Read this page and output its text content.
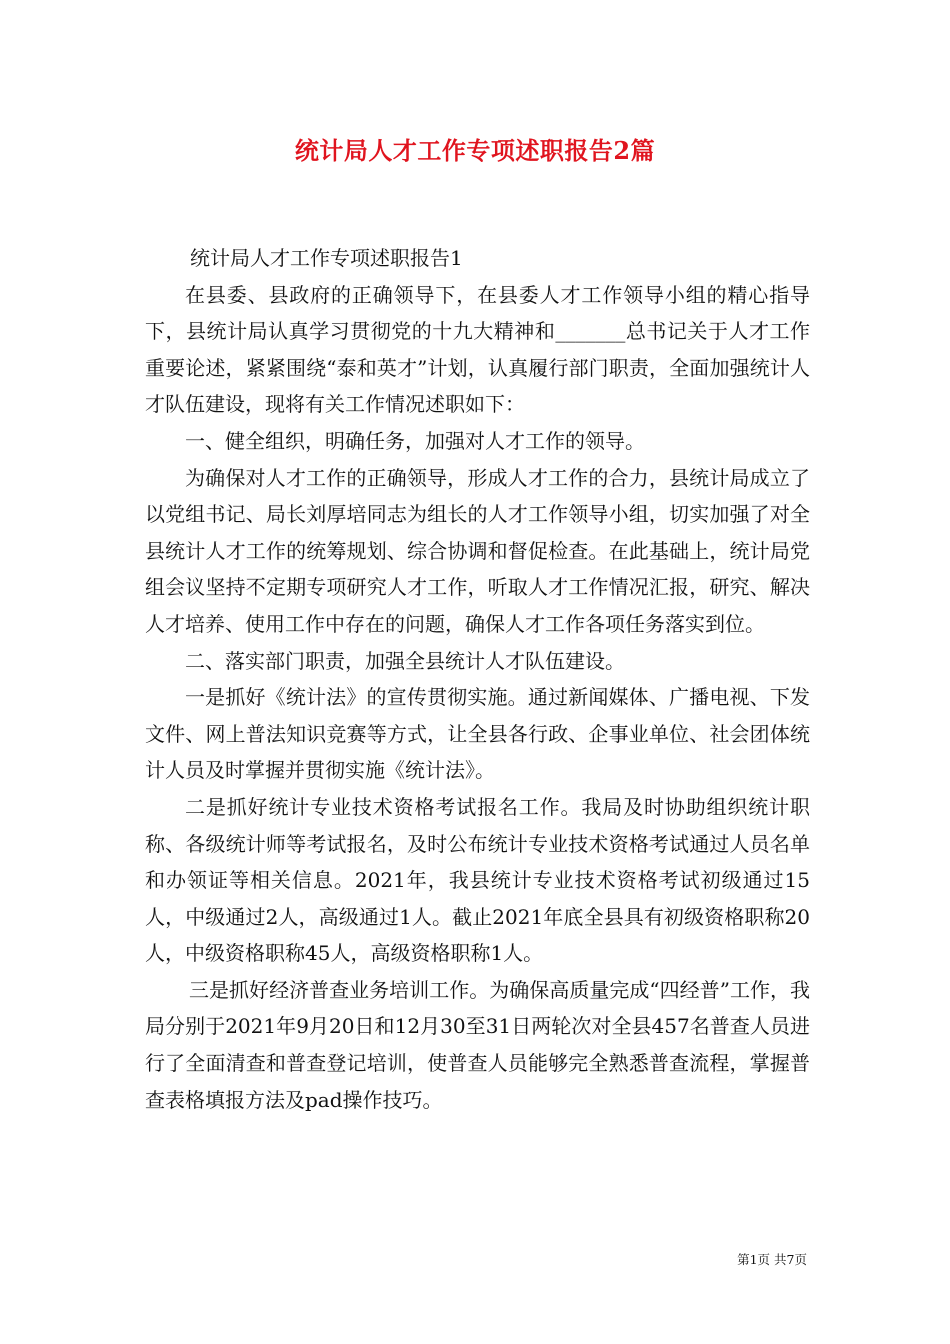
统计局人才工作专项述职报告2篇

统计局人才工作专项述职报告1

在县委、县政府的正确领导下，在县委人才工作领导小组的精心指导下，县统计局认真学习贯彻党的十九大精神和_______总书记关于人才工作重要论述，紧紧围绕“泰和英才”计划，认真履行部门职责，全面加强统计人才队伍建设，现将有关工作情况述职如下：

一、健全组织，明确任务，加强对人才工作的领导。

为确保对人才工作的正确领导，形成人才工作的合力，县统计局成立了以党组书记、局长刘厚培同志为组长的人才工作领导小组，切实加强了对全县统计人才工作的统筹规划、综合协调和督促检查。在此基础上，统计局党组会议坚持不定期专项研究人才工作，听取人才工作情况汇报，研究、解决人才培养、使用工作中存在的问题，确保人才工作各项任务落实到位。

二、落实部门职责，加强全县统计人才队伍建设。

一是抓好《统计法》的宣传贯彻实施。通过新闻媒体、广播电视、下发文件、网上普法知识竞赛等方式，让全县各行政、企事业单位、社会团体统计人员及时掌握并贯彻实施《统计法》。

二是抓好统计专业技术资格考试报名工作。我局及时协助组织统计职称、各级统计师等考试报名，及时公布统计专业技术资格考试通过人员名单和办领证等相关信息。2021年，我县统计专业技术资格考试初级通过15人，中级通过2人，高级通过1人。截止2021年底全县具有初级资格职称20人，中级资格职称45人，高级资格职称1人。

三是抓好经济普查业务培训工作。为确保高质量完成“四经普”工作，我局分别于2021年9月20日和12月30至31日两轮次对全县457名普查人员进行了全面清查和普查登记培训，使普查人员能够完全熟悉普查流程，掌握普查表格填报方法及pad操作技巧。

第1页 共7页
